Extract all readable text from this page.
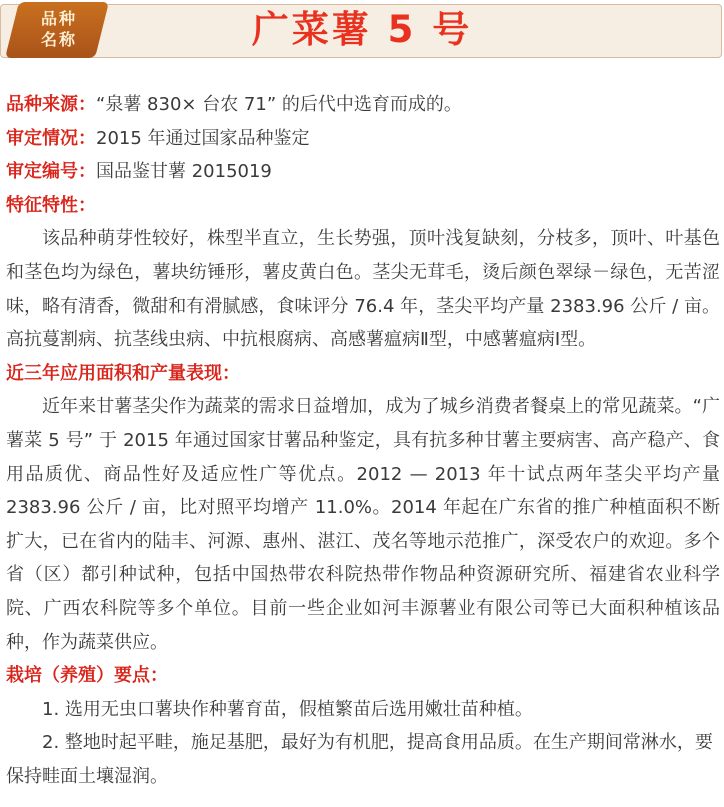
品种
名称	广菜薯 5 号
品种来源：“泉薯 830× 台农 71” 的后代中选育而成的。
审定情况：2015 年通过国家品种鉴定
审定编号：国品鉴甘薯 2015019
特征特性：

该品种萌芽性较好，株型半直立，生长势强，顶叶浅复缺刻，分枝多，顶叶、叶基色和茎色均为绿色，薯块纺锤形，薯皮黄白色。茎尖无茸毛，烫后颜色翠绿－绿色，无苦涩味，略有清香，微甜和有滑腻感，食味评分 76.4 年，茎尖平均产量 2383.96 公斤 / 亩。高抗蔓割病、抗茎线虫病、中抗根腐病、高感薯瘟病Ⅱ型，中感薯瘟病Ⅰ型。

近三年应用面积和产量表现：

近年来甘薯茎尖作为蔬菜的需求日益增加，成为了城乡消费者餐桌上的常见蔬菜。“广薯菜 5 号” 于 2015 年通过国家甘薯品种鉴定，具有抗多种甘薯主要病害、高产稳产、食用品质优、商品性好及适应性广等优点。2012 — 2013 年十试点两年茎尖平均产量 2383.96 公斤 / 亩，比对照平均增产 11.0%。2014 年起在广东省的推广种植面积不断扩大，已在省内的陆丰、河源、惠州、湛江、茂名等地示范推广，深受农户的欢迎。多个省（区）都引种试种，包括中国热带农科院热带作物品种资源研究所、福建省农业科学院、广西农科院等多个单位。目前一些企业如河丰源薯业有限公司等已大面积种植该品种，作为蔬菜供应。

栽培（养殖）要点：

1. 选用无虫口薯块作种薯育苗，假植繁苗后选用嫩壮苗种植。

2. 整地时起平畦，施足基肥，最好为有机肥，提高食用品质。在生产期间常淋水，要保持畦面土壤湿润。
